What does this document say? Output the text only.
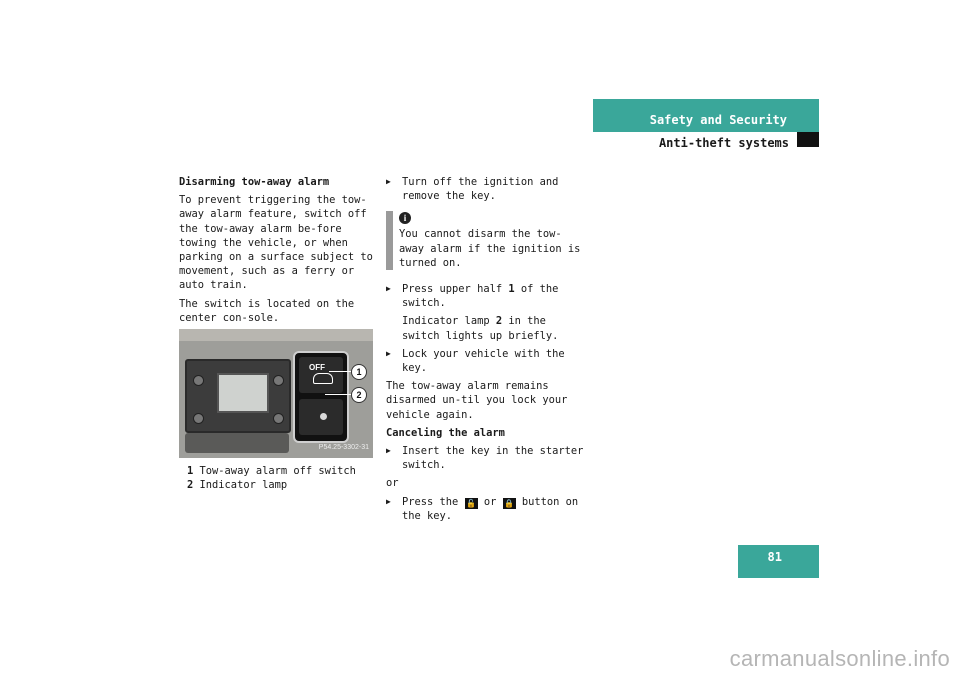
Safety and Security
Anti-theft systems

Disarming tow-away alarm

To prevent triggering the tow-away alarm feature, switch off the tow-away alarm be-fore towing the vehicle, or when parking on a surface subject to movement, such as a ferry or auto train.

The switch is located on the center con-sole.

OFF	1
2
P54.25-3302-31
1 Tow-away alarm off switch
2 Indicator lamp

▶ Turn off the ignition and remove the key.

i
You cannot disarm the tow-away alarm if the ignition is turned on.

▶ Press upper half 1 of the switch.

Indicator lamp 2 in the switch lights up briefly.

▶ Lock your vehicle with the key.

The tow-away alarm remains disarmed un-til you lock your vehicle again.

Canceling the alarm

▶ Insert the key in the starter switch.

or

▶ Press the 🔓 or 🔒 button on the key.

81
carmanualsonline.info
